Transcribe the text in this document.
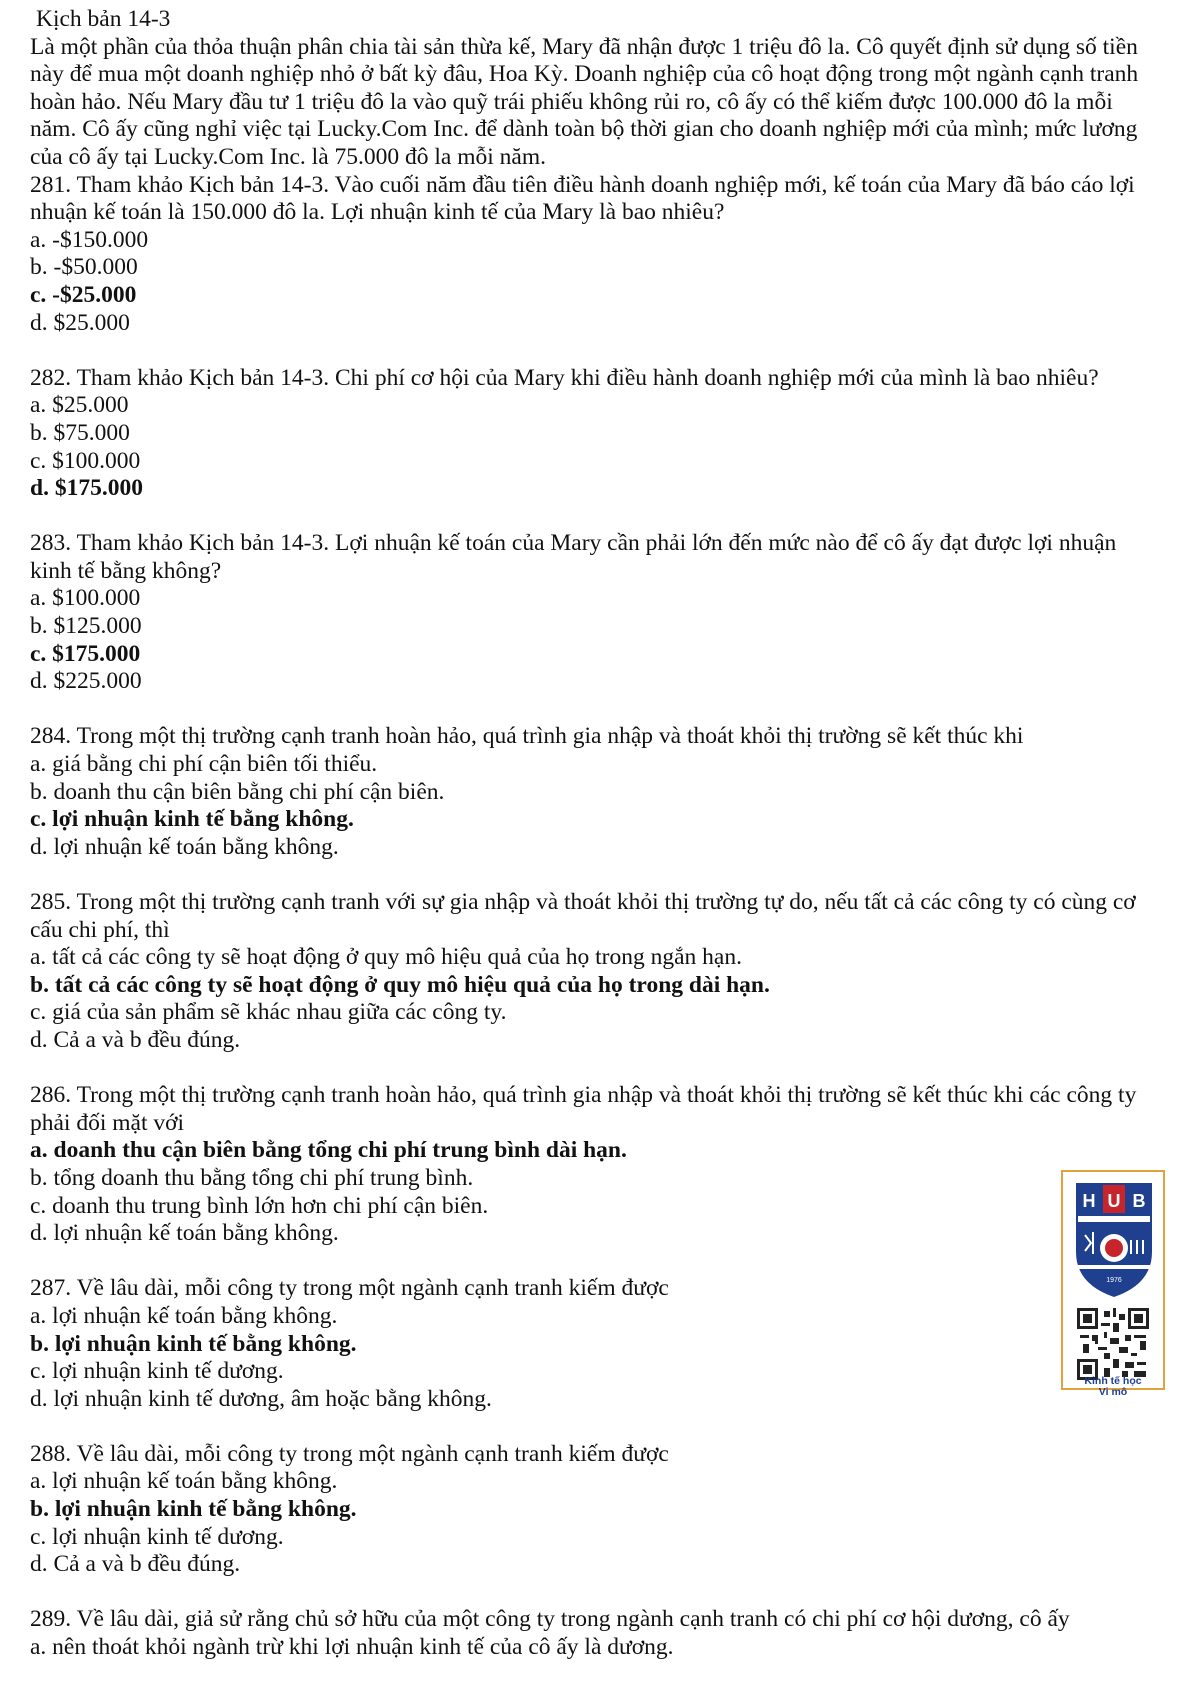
Kịch bản 14-3
Là một phần của thỏa thuận phân chia tài sản thừa kế, Mary đã nhận được 1 triệu đô la. Cô quyết định sử dụng số tiền
này để mua một doanh nghiệp nhỏ ở bất kỳ đâu, Hoa Kỳ. Doanh nghiệp của cô hoạt động trong một ngành cạnh tranh
hoàn hảo. Nếu Mary đầu tư 1 triệu đô la vào quỹ trái phiếu không rủi ro, cô ấy có thể kiếm được 100.000 đô la mỗi
năm. Cô ấy cũng nghỉ việc tại Lucky.Com Inc. để dành toàn bộ thời gian cho doanh nghiệp mới của mình; mức lương
của cô ấy tại Lucky.Com Inc. là 75.000 đô la mỗi năm.
281. Tham khảo Kịch bản 14-3. Vào cuối năm đầu tiên điều hành doanh nghiệp mới, kế toán của Mary đã báo cáo lợi
nhuận kế toán là 150.000 đô la. Lợi nhuận kinh tế của Mary là bao nhiêu?
a. -$150.000
b. -$50.000
c. -$25.000
d. $25.000
282. Tham khảo Kịch bản 14-3. Chi phí cơ hội của Mary khi điều hành doanh nghiệp mới của mình là bao nhiêu?
a. $25.000
b. $75.000
c. $100.000
d. $175.000
283. Tham khảo Kịch bản 14-3. Lợi nhuận kế toán của Mary cần phải lớn đến mức nào để cô ấy đạt được lợi nhuận
kinh tế bằng không?
a. $100.000
b. $125.000
c. $175.000
d. $225.000
284. Trong một thị trường cạnh tranh hoàn hảo, quá trình gia nhập và thoát khỏi thị trường sẽ kết thúc khi
a. giá bằng chi phí cận biên tối thiểu.
b. doanh thu cận biên bằng chi phí cận biên.
c. lợi nhuận kinh tế bằng không.
d. lợi nhuận kế toán bằng không.
285. Trong một thị trường cạnh tranh với sự gia nhập và thoát khỏi thị trường tự do, nếu tất cả các công ty có cùng cơ
cấu chi phí, thì
a. tất cả các công ty sẽ hoạt động ở quy mô hiệu quả của họ trong ngắn hạn.
b. tất cả các công ty sẽ hoạt động ở quy mô hiệu quả của họ trong dài hạn.
c. giá của sản phẩm sẽ khác nhau giữa các công ty.
d. Cả a và b đều đúng.
286. Trong một thị trường cạnh tranh hoàn hảo, quá trình gia nhập và thoát khỏi thị trường sẽ kết thúc khi các công ty
phải đối mặt với
a. doanh thu cận biên bằng tổng chi phí trung bình dài hạn.
b. tổng doanh thu bằng tổng chi phí trung bình.
c. doanh thu trung bình lớn hơn chi phí cận biên.
d. lợi nhuận kế toán bằng không.
287. Về lâu dài, mỗi công ty trong một ngành cạnh tranh kiếm được
a. lợi nhuận kế toán bằng không.
b. lợi nhuận kinh tế bằng không.
c. lợi nhuận kinh tế dương.
d. lợi nhuận kinh tế dương, âm hoặc bằng không.
288. Về lâu dài, mỗi công ty trong một ngành cạnh tranh kiếm được
a. lợi nhuận kế toán bằng không.
b. lợi nhuận kinh tế bằng không.
c. lợi nhuận kinh tế dương.
d. Cả a và b đều đúng.
289. Về lâu dài, giả sử rằng chủ sở hữu của một công ty trong ngành cạnh tranh có chi phí cơ hội dương, cô ấy
a. nên thoát khỏi ngành trừ khi lợi nhuận kinh tế của cô ấy là dương.
H U B
1976
Kinh tế học
Vi mô
